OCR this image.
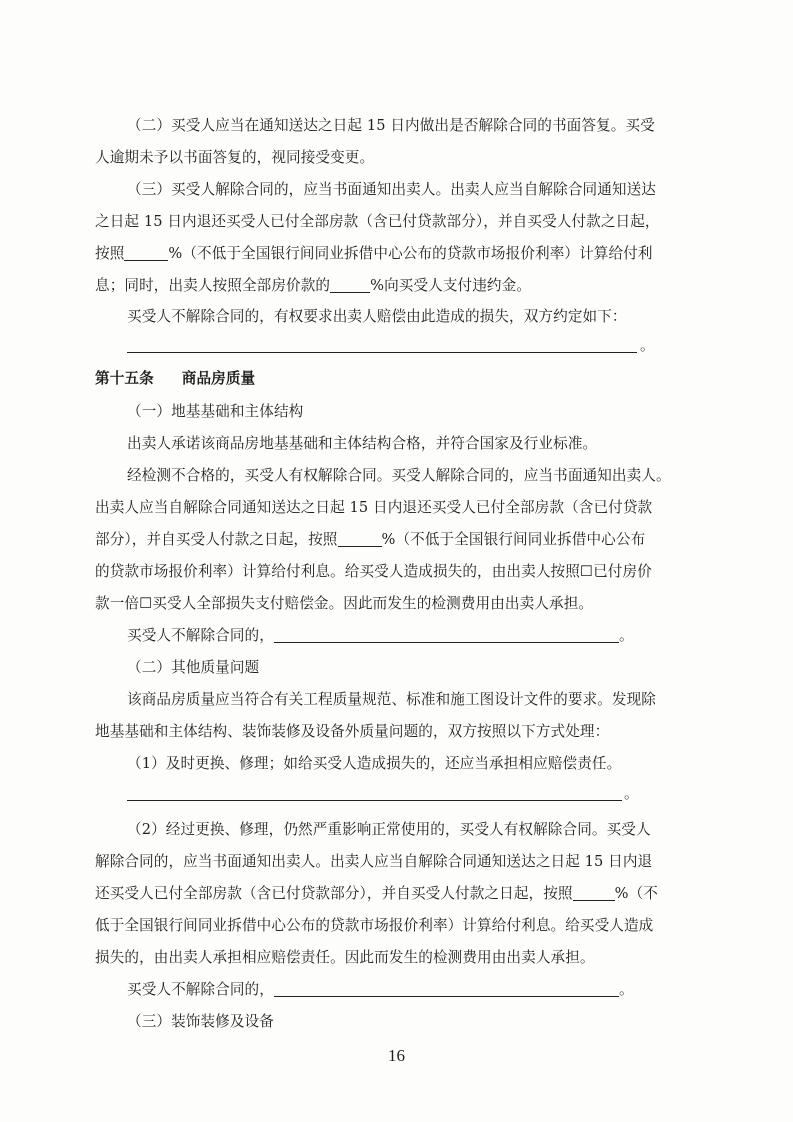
（二）买受人应当在通知送达之日起 15 日内做出是否解除合同的书面答复。买受
人逾期未予以书面答复的，视同接受变更。
（三）买受人解除合同的，应当书面通知出卖人。出卖人应当自解除合同通知送达
之日起 15 日内退还买受人已付全部房款（含已付贷款部分），并自买受人付款之日起，
按照	%（不低于全国银行间同业拆借中心公布的贷款市场报价利率）计算给付利
息；同时，出卖人按照全部房价款的	%向买受人支付违约金。
买受人不解除合同的，有权要求出卖人赔偿由此造成的损失，双方约定如下：
。
第十五条 商品房质量
（一）地基基础和主体结构
出卖人承诺该商品房地基基础和主体结构合格，并符合国家及行业标准。
经检测不合格的，买受人有权解除合同。买受人解除合同的，应当书面通知出卖人。
出卖人应当自解除合同通知送达之日起 15 日内退还买受人已付全部房款（含已付贷款
部分），并自买受人付款之日起，按照	%（不低于全国银行间同业拆借中心公布
的贷款市场报价利率）计算给付利息。给买受人造成损失的，由出卖人按照☐已付房价
款一倍☐买受人全部损失支付赔偿金。因此而发生的检测费用由出卖人承担。
买受人不解除合同的，	。
（二）其他质量问题
该商品房质量应当符合有关工程质量规范、标准和施工图设计文件的要求。发现除
地基基础和主体结构、装饰装修及设备外质量问题的，双方按照以下方式处理：
（1）及时更换、修理；如给买受人造成损失的，还应当承担相应赔偿责任。
。
（2）经过更换、修理，仍然严重影响正常使用的，买受人有权解除合同。买受人
解除合同的，应当书面通知出卖人。出卖人应当自解除合同通知送达之日起 15 日内退
还买受人已付全部房款（含已付贷款部分），并自买受人付款之日起，按照	%（不
低于全国银行间同业拆借中心公布的贷款市场报价利率）计算给付利息。给买受人造成
损失的，由出卖人承担相应赔偿责任。因此而发生的检测费用由出卖人承担。
买受人不解除合同的，	。
（三）装饰装修及设备
16
